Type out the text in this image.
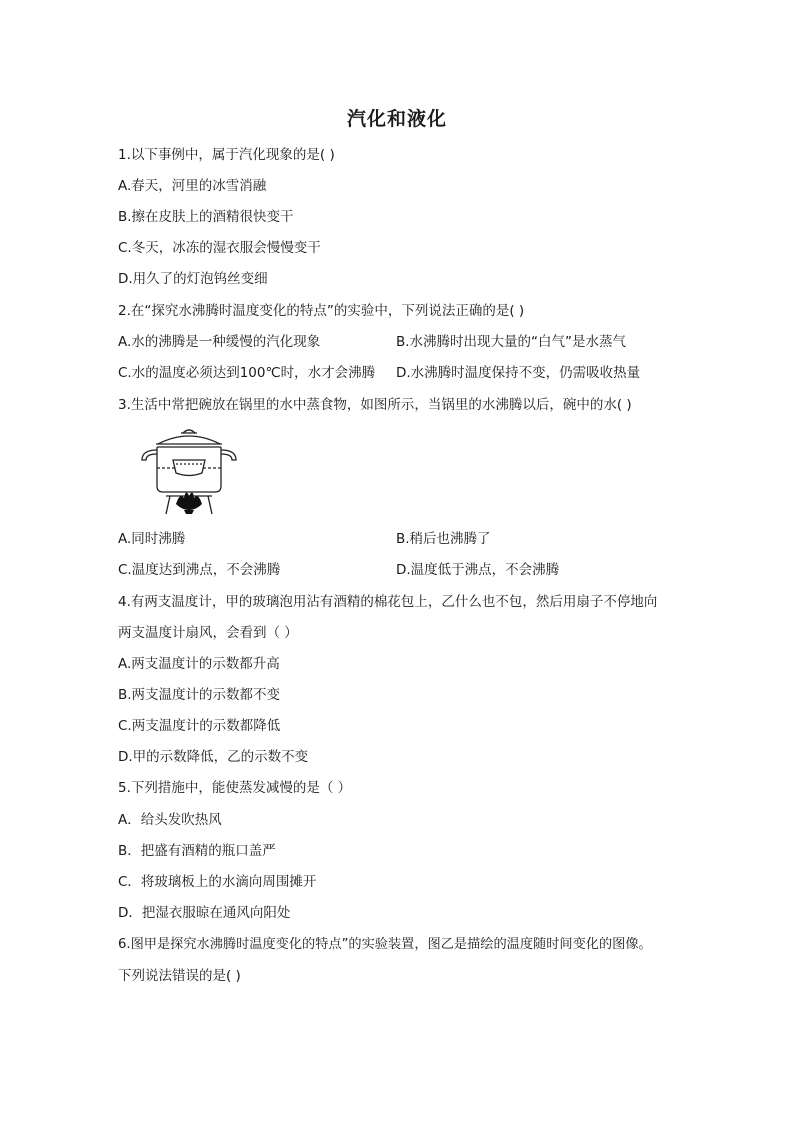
汽化和液化
1.以下事例中，属于汽化现象的是( )
A.春天，河里的冰雪消融
B.擦在皮肤上的酒精很快变干
C.冬天，冰冻的湿衣服会慢慢变干
D.用久了的灯泡钨丝变细
2.在“探究水沸腾时温度变化的特点”的实验中，下列说法正确的是( )
A.水的沸腾是一种缓慢的汽化现象	B.水沸腾时出现大量的“白气”是水蒸气
C.水的温度必须达到100℃时，水才会沸腾 D.水沸腾时温度保持不变，仍需吸收热量
3.生活中常把碗放在锅里的水中蒸食物，如图所示，当锅里的水沸腾以后，碗中的水( )
A.同时沸腾	B.稍后也沸腾了
C.温度达到沸点，不会沸腾	D.温度低于沸点，不会沸腾
4.有两支温度计，甲的玻璃泡用沾有酒精的棉花包上，乙什么也不包，然后用扇子不停地向
两支温度计扇风，会看到（ ）
A.两支温度计的示数都升高
B.两支温度计的示数都不变
C.两支温度计的示数都降低
D.甲的示数降低，乙的示数不变
5.下列措施中，能使蒸发减慢的是（ ）
A．给头发吹热风
B．把盛有酒精的瓶口盖严
C．将玻璃板上的水滴向周围摊开
D．把湿衣服晾在通风向阳处
6.图甲是探究水沸腾时温度变化的特点”的实验装置，图乙是描绘的温度随时间变化的图像。
下列说法错误的是( )
